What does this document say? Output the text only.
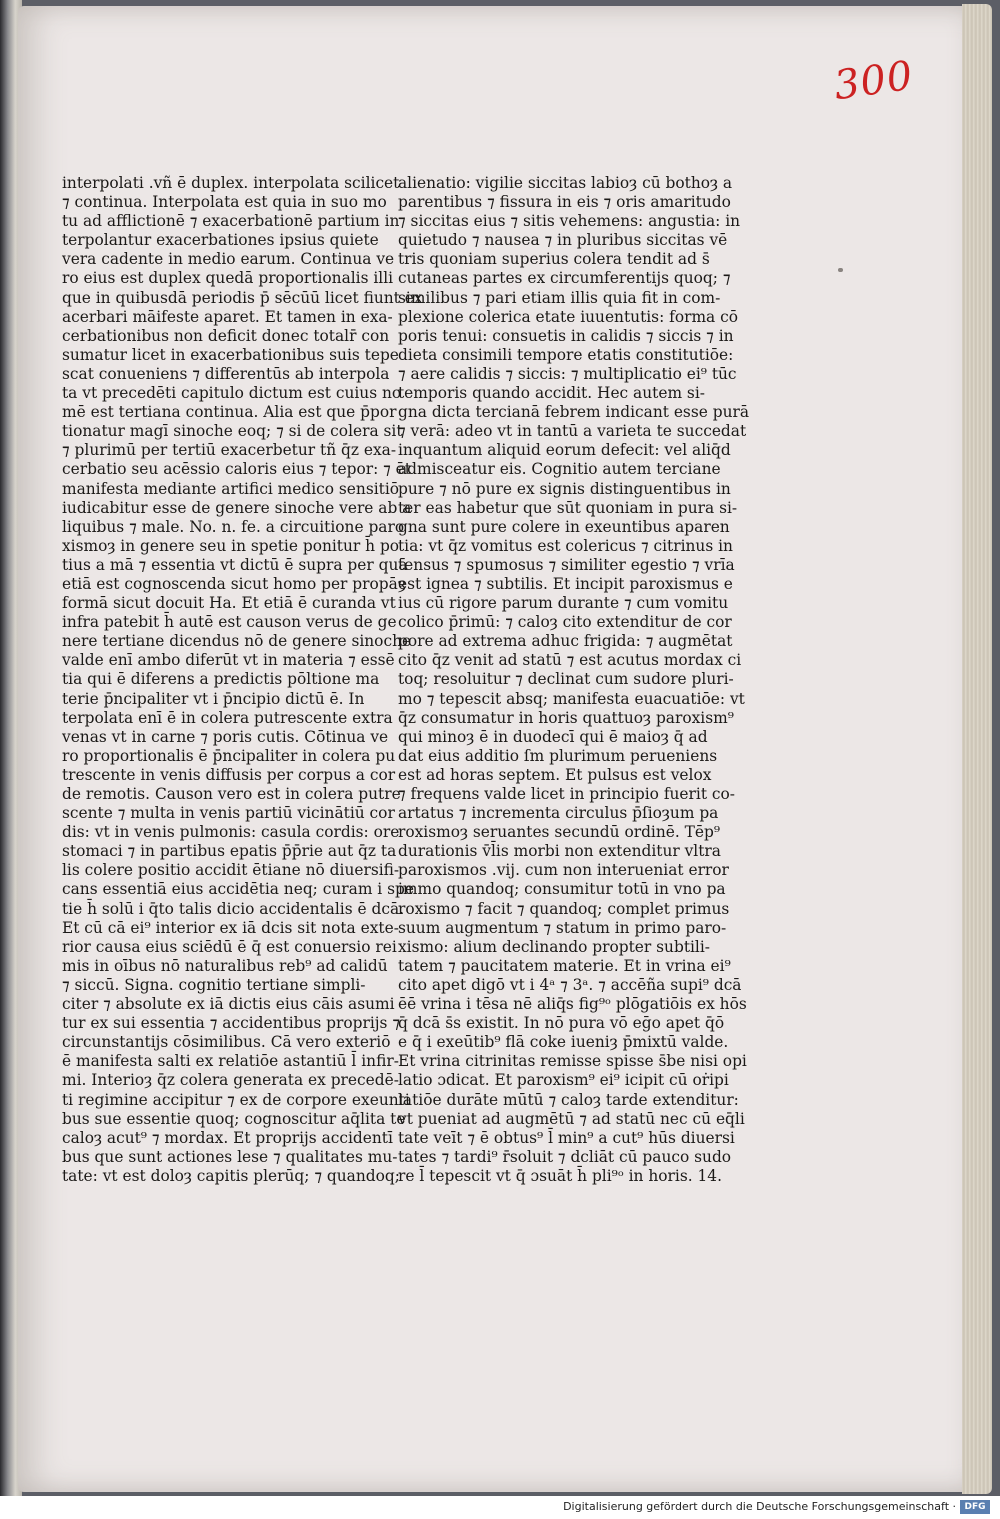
300
interpolati .vñ ē duplex. interpolata scilicet
⁊ continua. Interpolata est quia in suo mo
tu ad afflictionē ⁊ exacerbationē partium in
terpolantur exacerbationes ipsius quiete
vera cadente in medio earum. Continua ve
ro eius est duplex quedā proportionalis illi
que in quibusdā periodis p̄ sēcūū licet fiunt ex
acerbari māifeste aparet. Et tamen in exa-
cerbationibus non deficit donec totalr̄ con
sumatur licet in exacerbationibus suis tepe
scat conueniens ⁊ differentūs ab interpola
ta vt precedēti capitulo dictum est cuius no
mē est tertiana continua. Alia est que p̄por
tionatur magī sinoche eoq; ⁊ si de colera sit
⁊ plurimū per tertiū exacerbetur tñ q̄z exa-
cerbatio seu acēssio caloris eius ⁊ tepor: ⁊ ēt
manifesta mediante artifici medico sensitiō
iudicabitur esse de genere sinoche vere ab a
liquibus ⁊ male. No. n. fe. a circuitione paro
xismoȝ in genere seu in spetie ponitur h̄ po
tius a mā ⁊ essentia vt dictū ē supra per quā
etiā est cognoscenda sicut homo per propāȝ
formā sicut docuit Ha. Et etiā ē curanda vt
infra patebit h̄ autē est causon verus de ge
nere tertiane dicendus nō de genere sinoche
valde enī ambo diferūt vt in materia ⁊ essē
tia qui ē diferens a predictis pōltione ma
terie p̄ncipaliter vt i p̄ncipio dictū ē. In
terpolata enī ē in colera putrescente extra
venas vt in carne ⁊ poris cutis. Cōtinua ve
ro proportionalis ē p̄ncipaliter in colera pu
trescente in venis diffusis per corpus a cor
de remotis. Causon vero est in colera putre
scente ⁊ multa in venis partiū vicinātiū cor
dis: vt in venis pulmonis: casula cordis: ore
stomaci ⁊ in partibus epatis p̄p̄rie aut q̄z ta
lis colere positio accidit ētiane nō diuersifi-
cans essentiā eius accidētia neq; curam i spe
tie h̄ solū i q̄to talis dicio accidentalis ē dcā.
Et cū cā ei⁹ interior ex iā dcis sit nota exte-
rior causa eius sciēdū ē q̄ est conuersio rei
mis in oībus nō naturalibus reb⁹ ad calidū
⁊ siccū. Signa. cognitio tertiane simpli-
citer ⁊ absolute ex iā dictis eius cāis asumi
tur ex sui essentia ⁊ accidentibus proprijs ⁊
circunstantijs cōsimilibus. Cā vero exteriō
ē manifesta salti ex relatiōe astantiū l̄ infir-
mi. Interioȝ q̄z colera generata ex precedē-
ti regimine accipitur ⁊ ex de corpore exeunti
bus sue essentie quoq; cognoscitur aq̄lita te
caloȝ acut⁹ ⁊ mordax. Et proprijs accidentī
bus que sunt actiones lese ⁊ qualitates mu-
tate: vt est doloȝ capitis plerūq; ⁊ quandoq;
alienatio: vigilie siccitas labioȝ cū bothoȝ a
parentibus ⁊ fissura in eis ⁊ oris amaritudo
⁊ siccitas eius ⁊ sitis vehemens: angustia: in
quietudo ⁊ nausea ⁊ in pluribus siccitas vē
tris quoniam superius colera tendit ad s̄
cutaneas partes ex circumferentijs quoq; ⁊
similibus ⁊ pari etiam illis quia fit in com-
plexione colerica etate iuuentutis: forma cō
poris tenui: consuetis in calidis ⁊ siccis ⁊ in
dieta consimili tempore etatis constitutiōe:
⁊ aere calidis ⁊ siccis: ⁊ multiplicatio ei⁹ tūc
temporis quando accidit. Hec autem si-
gna dicta tercianā febrem indicant esse purā
⁊ verā: adeo vt in tantū a varieta te succedat
inquantum aliquid eorum defecit: vel aliq̄d
admisceatur eis. Cognitio autem terciane
pure ⁊ nō pure ex signis distinguentibus in
ter eas habetur que sūt quoniam in pura si-
gna sunt pure colere in exeuntibus aparen
tia: vt q̄z vomitus est colericus ⁊ citrinus in
tensus ⁊ spumosus ⁊ similiter egestio ⁊ vrīa
est ignea ⁊ subtilis. Et incipit paroxismus e
ius cū rigore parum durante ⁊ cum vomitu
colico p̄rimū: ⁊ caloȝ cito extenditur de cor
pore ad extrema adhuc frigida: ⁊ augmētat
cito q̄z venit ad statū ⁊ est acutus mordax ci
toq; resoluitur ⁊ declinat cum sudore pluri-
mo ⁊ tepescit absq; manifesta euacuatiōe: vt
q̄z consumatur in horis quattuoȝ paroxism⁹
qui minoȝ ē in duodecī qui ē maioȝ q̄ ad
dat eius additio ſm plurimum perueniens
est ad horas septem. Et pulsus est velox
⁊ frequens valde licet in principio fuerit co-
artatus ⁊ incrementa circulus p̄ſioȝum pa
roxismoȝ seruantes secundū ordinē. Tēp⁹
durationis v̄l̄is morbi non extenditur vltra
paroxismos .vij. cum non interueniat error
immo quandoq; consumitur totū in vno pa
roxismo ⁊ facit ⁊ quandoq; complet primus
suum augmentum ⁊ statum in primo paro-
xismo: alium declinando propter subtili-
tatem ⁊ paucitatem materie. Et in vrina ei⁹
cito apet digō vt i 4ᵃ ⁊ 3ᵃ. ⁊ accēña supi⁹ dcā
ēē vrina i tēsa nē aliq̄s fig⁹ᵒ plōgatiōis ex hōs
q̄ dcā s̄s existit. In nō pura vō eḡo apet q̄ō
e q̄ i exeūtib⁹ flā coke iueniȝ p̄mixtū valde.
Et vrina citrinitas remisse spisse s̄be nisi opi
latio ɔdicat. Et paroxism⁹ ei⁹ icipit cū oṙipi
latiōe durāte mūtū ⁊ caloȝ tarde extenditur:
vt pueniat ad augmētū ⁊ ad statū nec cū eq̄li
tate veīt ⁊ ē obtus⁹ l̄ min⁹ a cut⁹ hūs diuersi
tates ⁊ tardi⁹ r̄soluit ⁊ dcliāt cū pauco sudo
re l̄ tepescit vt q̄ ɔsuāt h̄ pli⁹ᵒ in horis. 14.
Digitalisierung gefördert durch die Deutsche Forschungsgemeinschaft · DFG
